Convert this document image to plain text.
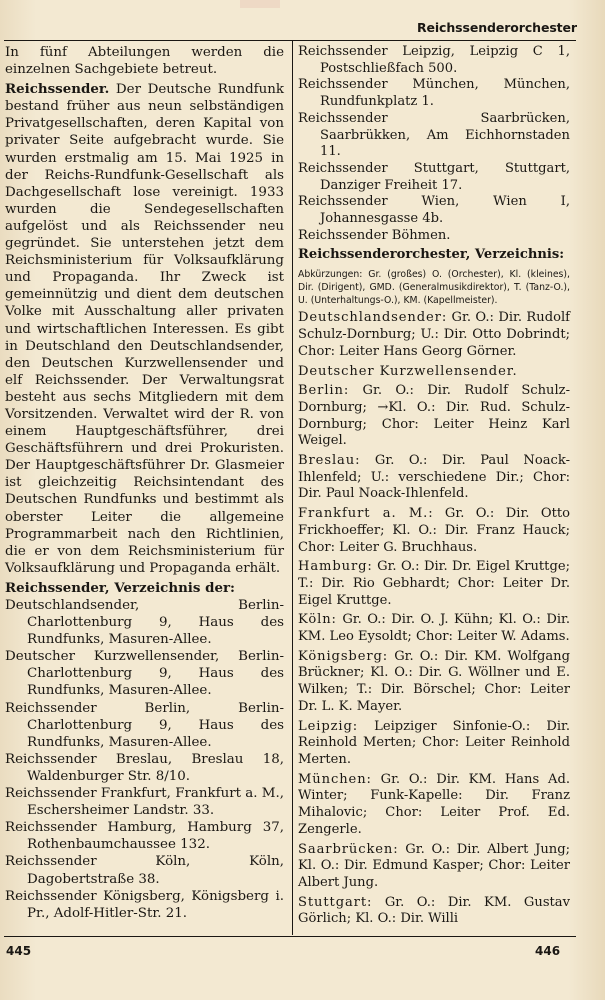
Reichssenderorchester

In fünf Abteilungen werden die einzelnen Sachgebiete betreut.

Reichssender. Der Deutsche Rundfunk bestand früher aus neun selbständigen Privatgesellschaften, deren Kapital von privater Seite aufgebracht wurde. Sie wurden erstmalig am 15. Mai 1925 in der Reichs-Rundfunk-Gesellschaft als Dachgesellschaft lose vereinigt. 1933 wurden die Sendegesellschaften aufgelöst und als Reichssender neu gegründet. Sie unterstehen jetzt dem Reichsministerium für Volksaufklärung und Propaganda. Ihr Zweck ist gemeinnützig und dient dem deutschen Volke mit Ausschaltung aller privaten und wirtschaftlichen Interessen. Es gibt in Deutschland den Deutschlandsender, den Deutschen Kurzwellensender und elf Reichssender. Der Verwaltungsrat besteht aus sechs Mitgliedern mit dem Vorsitzenden. Verwaltet wird der R. von einem Hauptgeschäftsführer, drei Geschäftsführern und drei Prokuristen. Der Hauptgeschäftsführer Dr. Glasmeier ist gleichzeitig Reichsintendant des Deutschen Rundfunks und bestimmt als oberster Leiter die allgemeine Programmarbeit nach den Richtlinien, die er von dem Reichsministerium für Volksaufklärung und Propaganda erhält.

Reichssender, Verzeichnis der:

Deutschlandsender, Berlin-Charlottenburg 9, Haus des Rundfunks, Masuren-Allee.

Deutscher Kurzwellensender, Berlin-Charlottenburg 9, Haus des Rundfunks, Masuren-Allee.

Reichssender Berlin, Berlin-Charlottenburg 9, Haus des Rundfunks, Masuren-Allee.

Reichssender Breslau, Breslau 18, Waldenburger Str. 8/10.

Reichssender Frankfurt, Frankfurt a. M., Eschersheimer Landstr. 33.

Reichssender Hamburg, Hamburg 37, Rothenbaumchaussee 132.

Reichssender Köln, Köln, Dagobertstraße 38.

Reichssender Königsberg, Königsberg i. Pr., Adolf-Hitler-Str. 21.

Reichssender Leipzig, Leipzig C 1, Postschließfach 500.

Reichssender München, München, Rundfunkplatz 1.

Reichssender Saarbrücken, Saarbrükken, Am Eichhornstaden 11.

Reichssender Stuttgart, Stuttgart, Danziger Freiheit 17.

Reichssender Wien, Wien I, Johannesgasse 4b.

Reichssender Böhmen.

Reichssenderorchester, Verzeichnis:

Abkürzungen: Gr. (großes) O. (Orchester), Kl. (kleines), Dir. (Dirigent), GMD. (Generalmusikdirektor), T. (Tanz-O.), U. (Unterhaltungs-O.), KM. (Kapellmeister).

Deutschlandsender: Gr. O.: Dir. Rudolf Schulz-Dornburg; U.: Dir. Otto Dobrindt; Chor: Leiter Hans Georg Görner.

Deutscher Kurzwellensender.

Berlin: Gr. O.: Dir. Rudolf Schulz-Dornburg; →Kl. O.: Dir. Rud. Schulz-Dornburg; Chor: Leiter Heinz Karl Weigel.

Breslau: Gr. O.: Dir. Paul Noack-Ihlenfeld; U.: verschiedene Dir.; Chor: Dir. Paul Noack-Ihlenfeld.

Frankfurt a. M.: Gr. O.: Dir. Otto Frickhoeffer; Kl. O.: Dir. Franz Hauck; Chor: Leiter G. Bruchhaus.

Hamburg: Gr. O.: Dir. Dr. Eigel Kruttge; T.: Dir. Rio Gebhardt; Chor: Leiter Dr. Eigel Kruttge.

Köln: Gr. O.: Dir. O. J. Kühn; Kl. O.: Dir. KM. Leo Eysoldt; Chor: Leiter W. Adams.

Königsberg: Gr. O.: Dir. KM. Wolfgang Brückner; Kl. O.: Dir. G. Wöllner und E. Wilken; T.: Dir. Börschel; Chor: Leiter Dr. L. K. Mayer.

Leipzig: Leipziger Sinfonie-O.: Dir. Reinhold Merten; Chor: Leiter Reinhold Merten.

München: Gr. O.: Dir. KM. Hans Ad. Winter; Funk-Kapelle: Dir. Franz Mihalovic; Chor: Leiter Prof. Ed. Zengerle.

Saarbrücken: Gr. O.: Dir. Albert Jung; Kl. O.: Dir. Edmund Kasper; Chor: Leiter Albert Jung.

Stuttgart: Gr. O.: Dir. KM. Gustav Görlich; Kl. O.: Dir. Willi

445	446
